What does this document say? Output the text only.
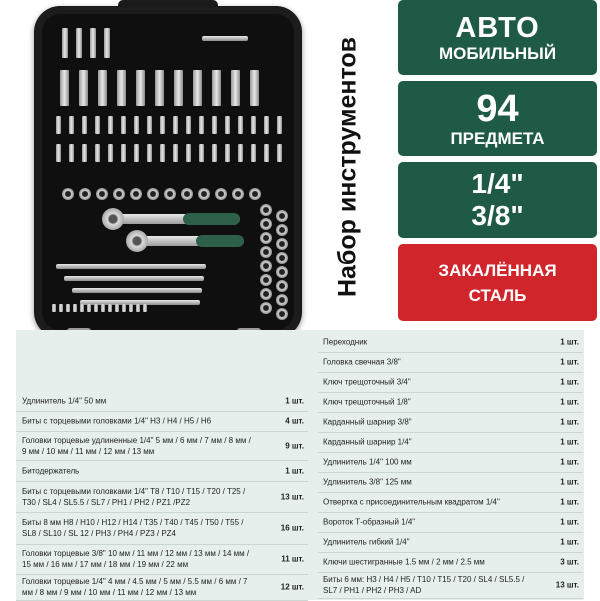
Набор инструментов
АВТО
МОБИЛЬНЫЙ
94
ПРЕДМЕТА
1/4"
3/8"
ЗАКАЛЁННАЯ
СТАЛЬ
Удлинитель 1/4" 50 мм	1 шт.
Биты с торцевыми головками 1/4" H3 / H4 / H5 / H6	4 шт.
Головки торцевые удлиненные 1/4" 5 мм / 6 мм / 7 мм / 8 мм / 9 мм / 10 мм / 11 мм / 12 мм / 13 мм
9 шт.
Битодержатель	1 шт.
Биты с торцевыми головками 1/4" T8 / T10 / T15 / T20 / T25 / T30 / SL4 / SL5.5 / SL7 / PH1 / PH2 / PZ1 /PZ2
13 шт.
Биты 8 мм H8 / H10 / H12 / H14 / T35 / T40 / T45 / T50 / T55 / SL8 / SL10 / SL 12 / PH3 / PH4 / PZ3 / PZ4
16 шт.
Головки торцевые 3/8" 10 мм / 11 мм / 12 мм / 13 мм / 14 мм / 15 мм / 16 мм / 17 мм / 18 мм / 19 мм / 22 мм
11 шт.
Головки торцевые 1/4" 4 мм / 4.5 мм / 5 мм / 5.5 мм / 6 мм / 7 мм / 8 мм / 9 мм / 10 мм / 11 мм / 12 мм / 13 мм
12 шт.
Переходник	1 шт.
Головка свечная 3/8"	1 шт.
Ключ трещоточный 3/4"	1 шт.
Ключ трещоточный 1/8"	1 шт.
Карданный шарнир 3/8"	1 шт.
Карданный шарнир 1/4"	1 шт.
Удлинитель 1/4" 100 мм	1 шт.
Удлинитель 3/8" 125 мм	1 шт.
Отвертка с присоединительным квадратом 1/4"	1 шт.
Вороток Т-образный 1/4"	1 шт.
Удлинитель гибкий 1/4"	1 шт.
Ключи шестигранные 1.5 мм / 2 мм / 2.5 мм	3 шт.
Биты 6 мм: H3 / H4 / H5 / T10 / T15 / T20 / SL4 / SL5.5 / SL7 / PH1 / PH2 / PH3 / AD
13 шт.
